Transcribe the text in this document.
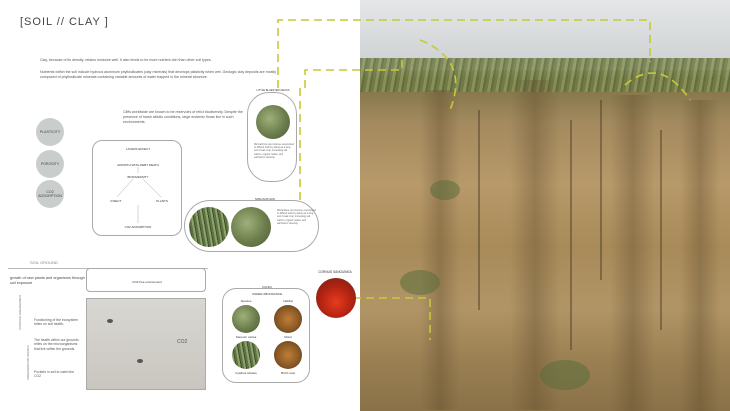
[SOIL // CLAY ]
Clay, because of its density, retains moisture well. It also tends to be more nutrient-rich than other soil types.
Nutrients within the soil include hydrous aluminum phyllosilicates (clay minerals) that develops plasticity when wet. Geologic clay deposits are mostly composed of phyllosilicate minerals containing variable amounts of water trapped in the mineral structure.
Cliffs worldwide are known to be reservoirs of relict biodiversity. Despite the presence of harsh abiotic conditions, large endemic floras live in such environments.
PLASTICITY
POROSITY
CO2 ADSORPTION
LAYERS EFFECT
GROWTH WITH DEBT DEATH
BIODIVERSITY
INSECT	PLANTS
CO2 ADSORPTION
LITTLE BLUESTEM GRASS
Microarthros can improve overworked or difficult soils by acting as a long-term break crop, increasing soil carbon, organic matter, and earthworm diversity.
MISCANTHUS
Miscanthus can improve overworked or difficult soils by acting as a long term break crop, increasing soil carbon, organic matter, and earthworm diversity.
SOIL GROUND
growth of new plants and organisms through soil exposure	CO2 free environment
CO2
SURFICIAL ENGAGEMENT
UNDERGROUND SEARCH
Functioning of the ecosystem relies on soil health.
The health within our grounds relies on the microorganisms that live within the grounds.
Pockets in soil to catch the CO2
FUNGI
UNDER ABUNDANCE
Species	Habitat
Stereum ostrea	Morel
Cyathus striatus	Bird's nest
CORNUS SANGUINEA
